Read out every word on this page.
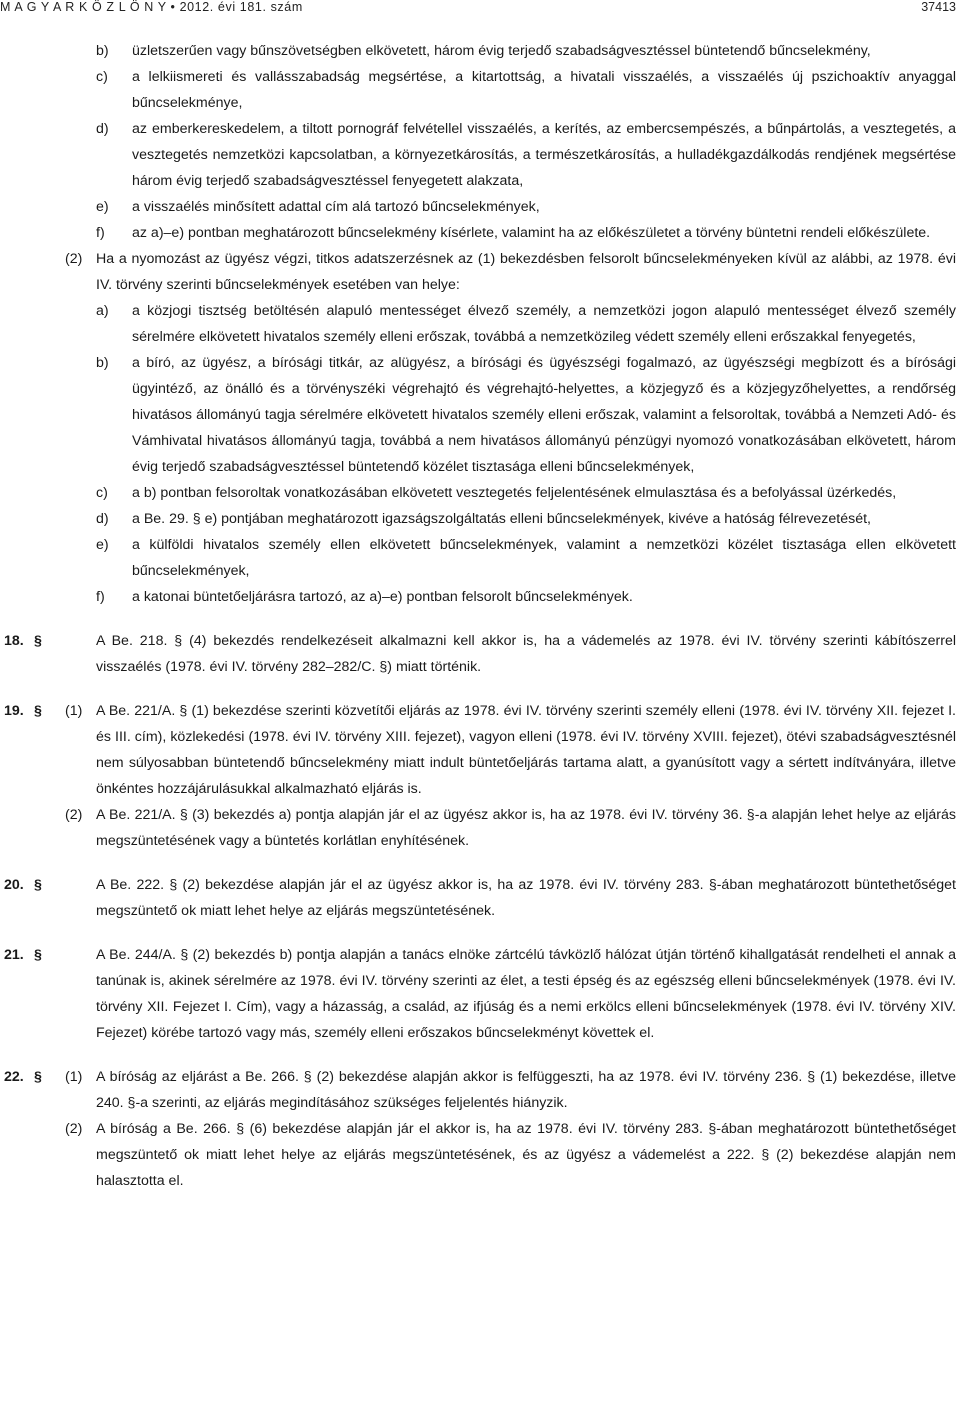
M A G Y A R K Ö Z L Ö N Y • 2012. évi 181. szám	37413
b)	üzletszerűen vagy bűnszövetségben elkövetett, három évig terjedő szabadságvesztéssel büntetendő bűncselekmény,
c)	a lelkiismereti és vallásszabadság megsértése, a kitartottság, a hivatali visszaélés, a visszaélés új pszichoaktív anyaggal bűncselekménye,
d)	az emberkereskedelem, a tiltott pornográf felvétellel visszaélés, a kerítés, az embercsempészés, a bűnpártolás, a vesztegetés, a vesztegetés nemzetközi kapcsolatban, a környezetkárosítás, a természetkárosítás, a hulladékgazdálkodás rendjének megsértése három évig terjedő szabadságvesztéssel fenyegetett alakzata,
e)	a visszaélés minősített adattal cím alá tartozó bűncselekmények,
f)	az a)–e) pontban meghatározott bűncselekmény kísérlete, valamint ha az előkészületet a törvény büntetni rendeli előkészülete.
(2) Ha a nyomozást az ügyész végzi, titkos adatszerzésnek az (1) bekezdésben felsorolt bűncselekményeken kívül az alábbi, az 1978. évi IV. törvény szerinti bűncselekmények esetében van helye:
a)	a közjogi tisztség betöltésén alapuló mentességet élvező személy, a nemzetközi jogon alapuló mentességet élvező személy sérelmére elkövetett hivatalos személy elleni erőszak, továbbá a nemzetközileg védett személy elleni erőszakkal fenyegetés,
b)	a bíró, az ügyész, a bírósági titkár, az alügyész, a bírósági és ügyészségi fogalmazó, az ügyészségi megbízott és a bírósági ügyintéző, az önálló és a törvényszéki végrehajtó és végrehajtó-helyettes, a közjegyző és a közjegyzőhelyettes, a rendőrség hivatásos állományú tagja sérelmére elkövetett hivatalos személy elleni erőszak, valamint a felsoroltak, továbbá a Nemzeti Adó- és Vámhivatal hivatásos állományú tagja, továbbá a nem hivatásos állományú pénzügyi nyomozó vonatkozásában elkövetett, három évig terjedő szabadságvesztéssel büntetendő közélet tisztasága elleni bűncselekmények,
c)	a b) pontban felsoroltak vonatkozásában elkövetett vesztegetés feljelentésének elmulasztása és a befolyással üzérkedés,
d)	a Be. 29. § e) pontjában meghatározott igazságszolgáltatás elleni bűncselekmények, kivéve a hatóság félrevezetését,
e)	a külföldi hivatalos személy ellen elkövetett bűncselekmények, valamint a nemzetközi közélet tisztasága ellen elkövetett bűncselekmények,
f)	a katonai büntetőeljárásra tartozó, az a)–e) pontban felsorolt bűncselekmények.
18. §	A Be. 218. § (4) bekezdés rendelkezéseit alkalmazni kell akkor is, ha a vádemelés az 1978. évi IV. törvény szerinti kábítószerrel visszaélés (1978. évi IV. törvény 282–282/C. §) miatt történik.
19. §	(1) A Be. 221/A. § (1) bekezdése szerinti közvetítői eljárás az 1978. évi IV. törvény szerinti személy elleni (1978. évi IV. törvény XII. fejezet I. és III. cím), közlekedési (1978. évi IV. törvény XIII. fejezet), vagyon elleni (1978. évi IV. törvény XVIII. fejezet), ötévi szabadságvesztésnél nem súlyosabban büntetendő bűncselekmény miatt indult büntetőeljárás tartama alatt, a gyanúsított vagy a sértett indítványára, illetve önkéntes hozzájárulásukkal alkalmazható eljárás is.
(2) A Be. 221/A. § (3) bekezdés a) pontja alapján jár el az ügyész akkor is, ha az 1978. évi IV. törvény 36. §-a alapján lehet helye az eljárás megszüntetésének vagy a büntetés korlátlan enyhítésének.
20. §	A Be. 222. § (2) bekezdése alapján jár el az ügyész akkor is, ha az 1978. évi IV. törvény 283. §-ában meghatározott büntethetőséget megszüntető ok miatt lehet helye az eljárás megszüntetésének.
21. §	A Be. 244/A. § (2) bekezdés b) pontja alapján a tanács elnöke zártcélú távközlő hálózat útján történő kihallgatását rendelheti el annak a tanúnak is, akinek sérelmére az 1978. évi IV. törvény szerinti az élet, a testi épség és az egészség elleni bűncselekmények (1978. évi IV. törvény XII. Fejezet I. Cím), vagy a házasság, a család, az ifjúság és a nemi erkölcs elleni bűncselekmények (1978. évi IV. törvény XIV. Fejezet) körébe tartozó vagy más, személy elleni erőszakos bűncselekményt követtek el.
22. §	(1) A bíróság az eljárást a Be. 266. § (2) bekezdése alapján akkor is felfüggeszti, ha az 1978. évi IV. törvény 236. § (1) bekezdése, illetve 240. §-a szerinti, az eljárás megindításához szükséges feljelentés hiányzik.
(2) A bíróság a Be. 266. § (6) bekezdése alapján jár el akkor is, ha az 1978. évi IV. törvény 283. §-ában meghatározott büntethetőséget megszüntető ok miatt lehet helye az eljárás megszüntetésének, és az ügyész a vádemelést a 222. § (2) bekezdése alapján nem halasztotta el.
